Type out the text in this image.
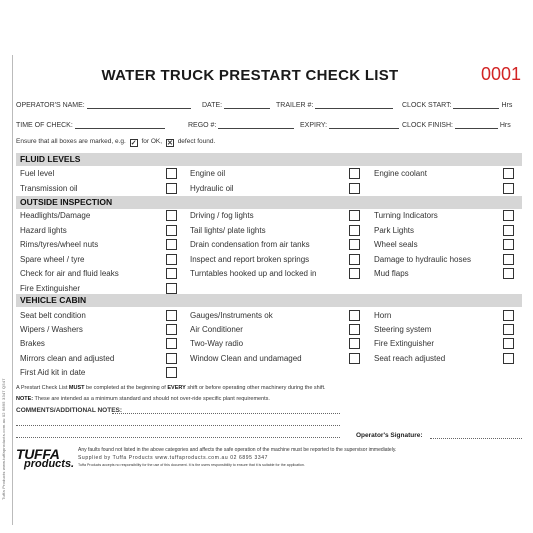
Tuffa Products www.tuffaproducts.com.au 02 6895 3347 Q547
WATER TRUCK PRESTART CHECK LIST	0001
OPERATOR'S NAME:	DATE:	TRAILER #:	CLOCK START:	Hrs
TIME OF CHECK:	REGO #:	EXPIRY:	CLOCK FINISH:	Hrs
Ensure that all boxes are marked, e.g. ✓ for OK, ✕ defect found.
FLUID LEVELS
Fuel level	Engine oil	Engine coolant
Transmission oil	Hydraulic oil
OUTSIDE INSPECTION
Headlights/Damage	Driving / fog lights	Turning Indicators
Hazard lights	Tail lights/ plate lights	Park Lights
Rims/tyres/wheel nuts	Drain condensation from air tanks	Wheel seals
Spare wheel / tyre	Inspect and report broken springs	Damage to hydraulic hoses
Check for air and fluid leaks	Turntables hooked up and locked in	Mud flaps
Fire Extinguisher
VEHICLE CABIN
Seat belt condition	Gauges/Instruments ok	Horn
Wipers / Washers	Air Conditioner	Steering system
Brakes	Two-Way radio	Fire Extinguisher
Mirrors clean and adjusted	Window Clean and undamaged	Seat reach adjusted
First Aid kit in date
A Prestart Check List MUST be completed at the beginning of EVERY shift or before operating other machinery during the shift.
NOTE: These are intended as a minimum standard and should not over-ride specific plant requirements.
COMMENTS/ADDITIONAL NOTES:
Operator's Signature:
TUFFA
products.
Any faults found not listed in the above categories and affects the safe operation of the machine must be reported to the supervisor immediately.
Supplied by Tuffa Products www.tuffaproducts.com.au 02 6895 3347
Tuffa Products accepts no responsibility for the use of this document. It is the users responsibility to ensure that it is suitable for the application.
